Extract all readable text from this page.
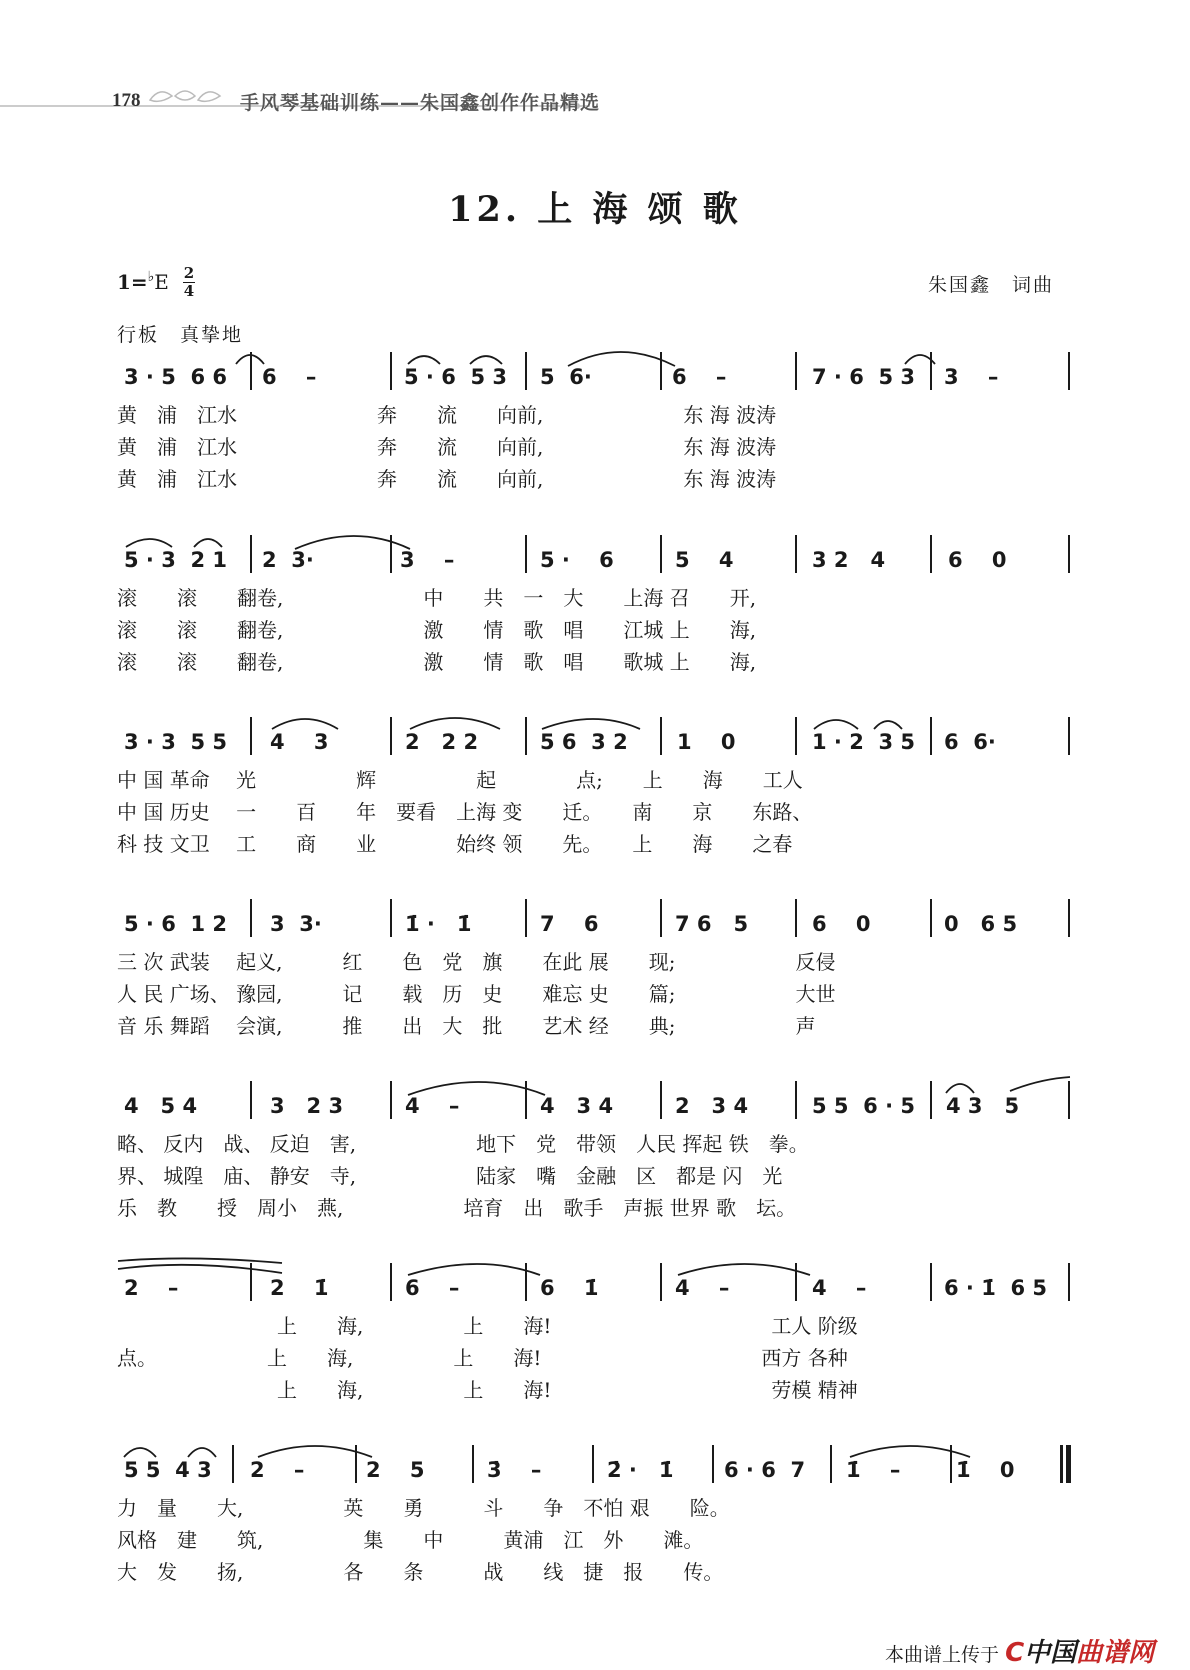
178	手风琴基础训练——朱国鑫创作作品精选
12. 上 海 颂 歌
1=♭E 2
4	朱国鑫　词曲
行板　真挚地
3 · 5  6 6 6    –	5 · 6  5 3 5  6·	6    –	7 · 6  5 3 3    –
黄　浦　江水　　　　　　　奔　　流　　向前,　　　　　　　东 海 波涛
黄　浦　江水　　　　　　　奔　　流　　向前,　　　　　　　东 海 波涛
黄　浦　江水　　　　　　　奔　　流　　向前,　　　　　　　东 海 波涛
5 · 3  2 1 2  3·	3    –	5 ·    6	5    4	3 2   4	6    0
滚　　滚　　翻卷,　　　　　　　中　　共　一　大　　上海 召　　开,
滚　　滚　　翻卷,　　　　　　　激　　情　歌　唱　　江城 上　　海,
滚　　滚　　翻卷,　　　　　　　激　　情　歌　唱　　歌城 上　　海,
3 · 3  5 5 4    3	2   2 2	5 6  3 2 1    0	1 · 2  3 5 6  6·
中 国 革命　 光　　　　　辉　　　　　起　　　　点;　　上　　海　　工人
中 国 历史　 一　　百　　年　要看　上海 变　　迁。　　南　　京　　东路、
科 技 文卫　 工　　商　　业　　　　始终 领　　先。　　上　　海　　之春
5 · 6  1 2 3  3·	1̇ ·   1̇	7    6	7 6   5	6    0	0   6 5
三 次 武装　 起义,　　　红　　色　党　旗　　在此 展　　现;　　　　　　反侵
人 民 广场、 豫园,　　　记　　载　历　史　　难忘 史　　篇;　　　　　　大世
音 乐 舞蹈　 会演,　　　推　　出　大　批　　艺术 经　　典;　　　　　　声
4   5 4	3   2 3	4    –	4   3 4	2   3 4	5 5  6 · 5 4 3   5
略、 反内　战、 反迫　害,　　　　　　地下　党　带领　人民 挥起 铁　拳。
界、 城隍　庙、 静安　寺,　　　　　　陆家　嘴　金融　区　都是 闪　光
乐　教　　授　周小　燕,　　　　　　培育　出　歌手　声振 世界 歌　坛。
2    –	2    1̇	6    –	6    1̇	4    –	4    –	6 · 1̇  6 5
　　　　　　　　上　　海,　　　　　上　　海!　　　　　　　　　　　工人 阶级
点。　　　　　　上　　海,　　　　　上　　海!　　　　　　　　　　　西方 各种
　　　　　　　　上　　海,　　　　　上　　海!　　　　　　　　　　　劳模 精神
5 5  4 3 2    –	2    5	3̇    –	2̇ ·   1̇ 6 · 6  7 1̇    –	1̇    0
力　量　　大,　　　　　英　　勇　　　斗　　争　不怕 艰　　险。
风格　建　　筑,　　　　　集　　中　　　黄浦　江　外　　滩。
大　发　　扬,　　　　　各　　条　　　战　　线　捷　报　　传。
本曲谱上传于 C中国曲谱网
